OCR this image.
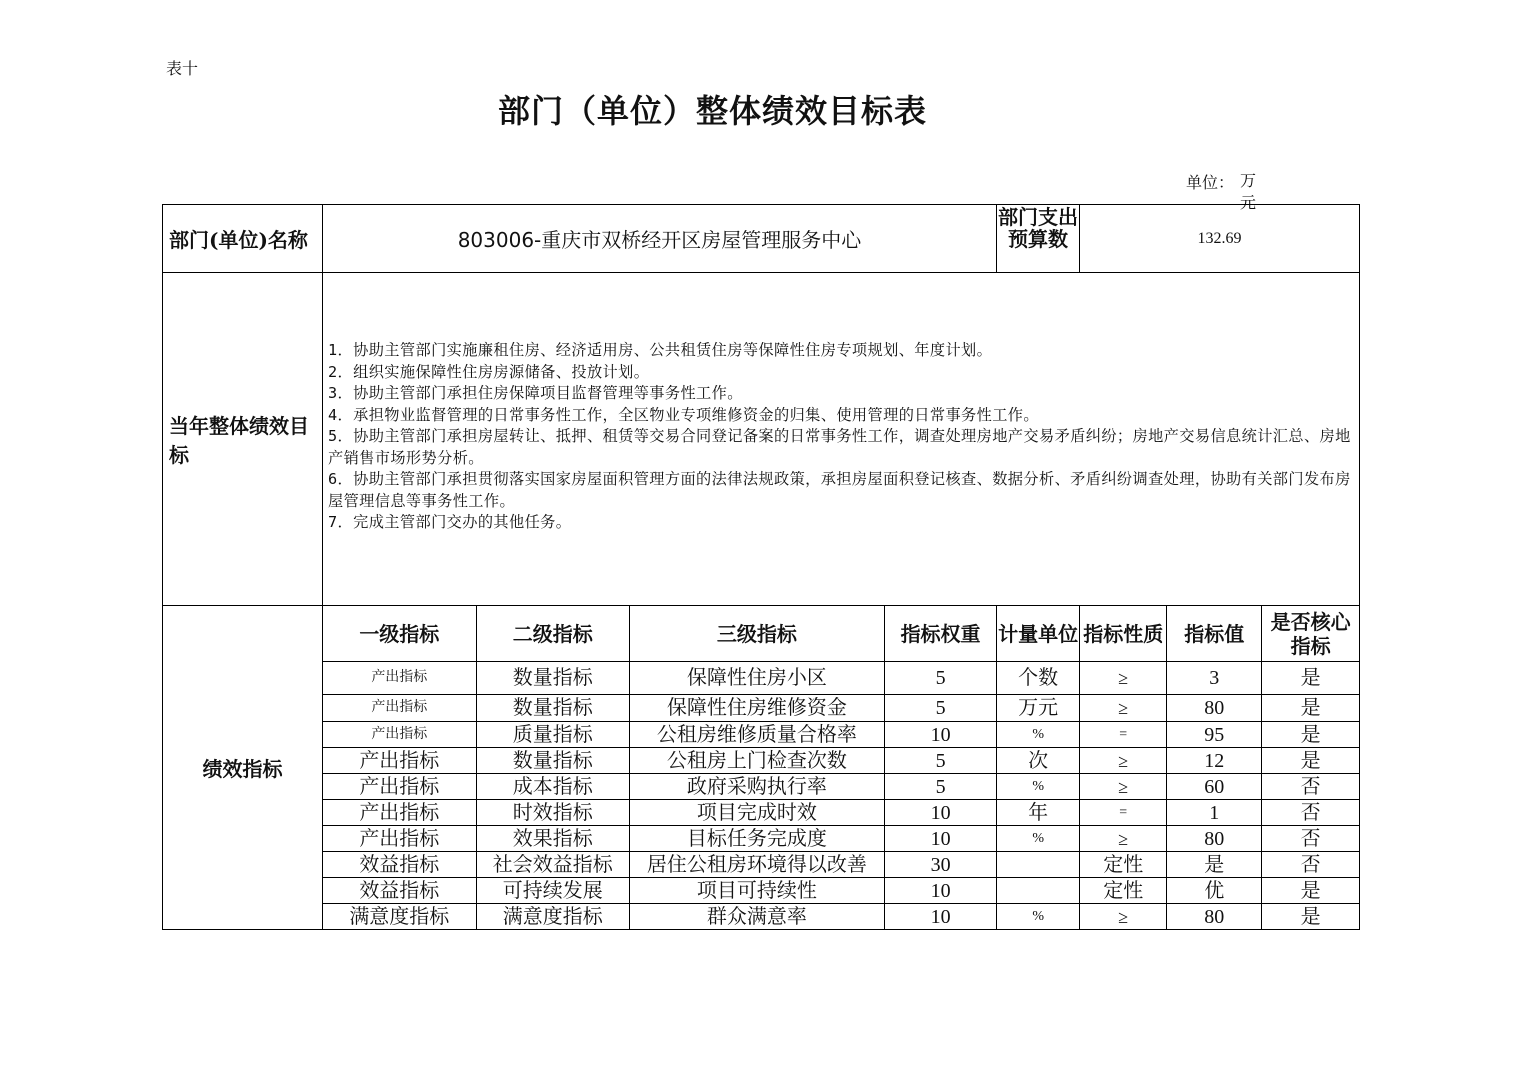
表十
部门（单位）整体绩效目标表
单位： 万元
部门(单位)名称	803006-重庆市双桥经开区房屋管理服务中心	
部门支出预算数	132.69
当年整体绩效目标	
1．协助主管部门实施廉租住房、经济适用房、公共租赁住房等保障性住房专项规划、年度计划。
2．组织实施保障性住房房源储备、投放计划。
3．协助主管部门承担住房保障项目监督管理等事务性工作。
4．承担物业监督管理的日常事务性工作，全区物业专项维修资金的归集、使用管理的日常事务性工作。
5．协助主管部门承担房屋转让、抵押、租赁等交易合同登记备案的日常事务性工作，调查处理房地产交易矛盾纠纷；房地产交易信息统计汇总、房地产销售市场形势分析。
6．协助主管部门承担贯彻落实国家房屋面积管理方面的法律法规政策，承担房屋面积登记核查、数据分析、矛盾纠纷调查处理，协助有关部门发布房屋管理信息等事务性工作。
7．完成主管部门交办的其他任务。

绩效指标	
一级指标	二级指标	三级指标	指标权重	计量单位	指标性质	指标值	是否核心指标
产出指标	数量指标	保障性住房小区	5	个数	≥	3	是
产出指标	数量指标	保障性住房维修资金	5	万元	≥	80	是
产出指标	质量指标	公租房维修质量合格率	10	%	=	95	是
产出指标	数量指标	公租房上门检查次数	5	次	≥	12	是
产出指标	成本指标	政府采购执行率	5	%	≥	60	否
产出指标	时效指标	项目完成时效	10	年	=	1	否
产出指标	效果指标	目标任务完成度	10	%	≥	80	否
效益指标	社会效益指标	居住公租房环境得以改善	30		定性	是	否
效益指标	可持续发展	项目可持续性	10		定性	优	是
满意度指标	满意度指标	群众满意率	10	%	≥	80	是
